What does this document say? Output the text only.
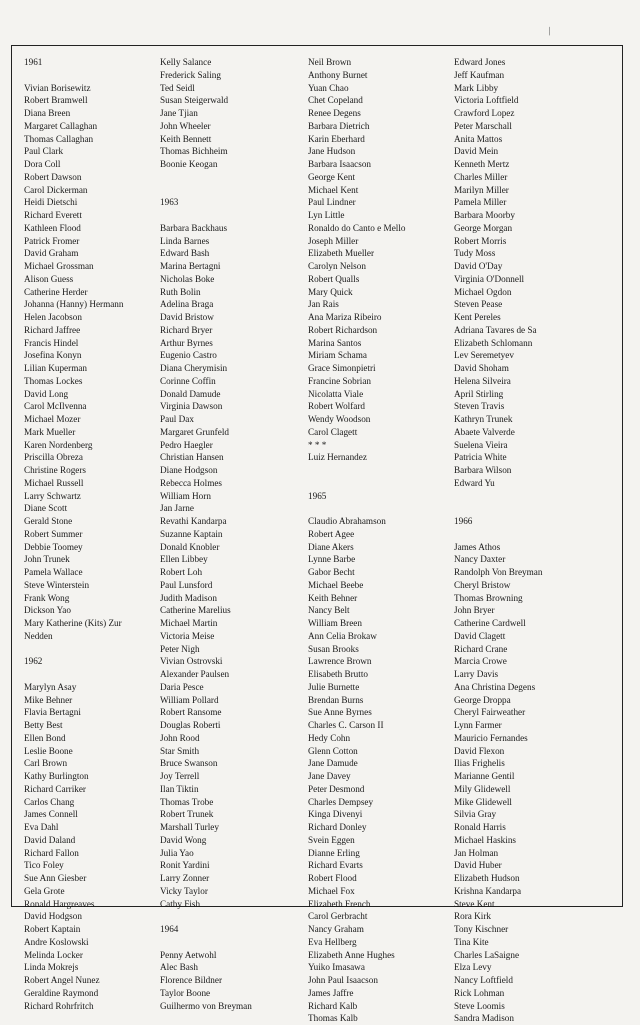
/
1961
Vivian Borisewitz
Robert Bramwell
Diana Breen
Margaret Callaghan
Thomas Callaghan
Paul Clark
Dora Coll
Robert Dawson
Carol Dickerman
Heidi Dietschi
Richard Everett
Kathleen Flood
Patrick Fromer
David Graham
Michael Grossman
Alison Guess
Catherine Herder
Johanna (Hanny) Hermann
Helen Jacobson
Richard Jaffree
Francis Hindel
Josefina Konyn
Lilian Kuperman
Thomas Lockes
David Long
Carol McIlvenna
Michael Mozer
Mark Mueller
Karen Nordenberg
Priscilla Obreza
Christine Rogers
Michael Russell
Larry Schwartz
Diane Scott
Gerald Stone
Robert Summer
Debbie Toomey
John Trunek
Pamela Wallace
Steve Winterstein
Frank Wong
Dickson Yao
Mary Katherine (Kits) Zur
Nedden
1962
Marylyn Asay
Mike Behner
Flavia Bertagni
Betty Best
Ellen Bond
Leslie Boone
Carl Brown
Kathy Burlington
Richard Carriker
Carlos Chang
James Connell
Eva Dahl
David Daland
Richard Fallon
Tico Foley
Sue Ann Giesber
Gela Grote
Ronald Hargreaves
David Hodgson
Robert Kaptain
Andre Koslowski
Melinda Locker
Linda Mokrejs
Robert Angel Nunez
Geraldine Raymond
Richard Rohrfritch
Kelly Salance
Frederick Saling
Ted Seidl
Susan Steigerwald
Jane Tjian
John Wheeler
Keith Bennett
Thomas Bichheim
Boonie Keogan
1963
Barbara Backhaus
Linda Barnes
Edward Bash
Marina Bertagni
Nicholas Boke
Ruth Bolin
Adelina Braga
David Bristow
Richard Bryer
Arthur Byrnes
Eugenio Castro
Diana Cherymisin
Corinne Coffin
Donald Damude
Virginia Dawson
Paul Dax
Margaret Grunfeld
Pedro Haegler
Christian Hansen
Diane Hodgson
Rebecca Holmes
William Horn
Jan Jarne
Revathi Kandarpa
Suzanne Kaptain
Donald Knobler
Ellen Libbey
Robert Loh
Paul Lunsford
Judith Madison
Catherine Marelius
Michael Martin
Victoria Meise
Peter Nigh
Vivian Ostrovski
Alexander Paulsen
Daria Pesce
William Pollard
Robert Ransome
Douglas Roberti
John Rood
Star Smith
Bruce Swanson
Joy Terrell
Ilan Tiktin
Thomas Trobe
Robert Trunek
Marshall Turley
David Wong
Julia Yao
Ronit Yardini
Larry Zonner
Vicky Taylor
Cathy Fish
1964
Penny Aetwohl
Alec Bash
Florence Bildner
Taylor Boone
Guilhermo von Breyman
Neil Brown
Anthony Burnet
Yuan Chao
Chet Copeland
Renee Degens
Barbara Dietrich
Karin Eberhard
Jane Hudson
Barbara Isaacson
George Kent
Michael Kent
Paul Lindner
Lyn Little
Ronaldo do Canto e Mello
Joseph Miller
Elizabeth Mueller
Carolyn Nelson
Robert Qualls
Mary Quick
Jan Rais
Ana Mariza Ribeiro
Robert Richardson
Marina Santos
Miriam Schama
Grace Simonpietri
Francine Sobrian
Nicolatta Viale
Robert Wolfard
Wendy Woodson
Carol Clagett
* * *
Luiz Hernandez
1965
Claudio Abrahamson
Robert Agee
Diane Akers
Lynne Barbe
Gabor Becht
Michael Beebe
Keith Behner
Nancy Belt
William Breen
Ann Celia Brokaw
Susan Brooks
Lawrence Brown
Elisabeth Brutto
Julie Burnette
Brendan Burns
Sue Anne Byrnes
Charles C. Carson II
Hedy Cohn
Glenn Cotton
Jane Damude
Jane Davey
Peter Desmond
Charles Dempsey
Kinga Divenyi
Richard Donley
Svein Eggen
Dianne Erling
Richard Evarts
Robert Flood
Michael Fox
Elizabeth French
Carol Gerbracht
Nancy Graham
Eva Hellberg
Elizabeth Anne Hughes
Yuiko Imasawa
John Paul Isaacson
James Jaffre
Richard Kalb
Thomas Kalb
Edward Jones
Jeff Kaufman
Mark Libby
Victoria Loftfield
Crawford Lopez
Peter Marschall
Anita Mattos
David Mein
Kenneth Mertz
Charles Miller
Marilyn Miller
Pamela Miller
Barbara Moorby
George Morgan
Robert Morris
Tudy Moss
David O'Day
Virginia O'Donnell
Michael Ogdon
Steven Pease
Kent Pereles
Adriana Tavares de Sa
Elizabeth Schlomann
Lev Seremetyev
David Shoham
Helena Silveira
April Stirling
Steven Travis
Kathryn Trunek
Abaete Valverde
Suelena Vieira
Patricia White
Barbara Wilson
Edward Yu
1966
James Athos
Nancy Daxter
Randolph Von Breyman
Cheryl Bristow
Thomas Browning
John Bryer
Catherine Cardwell
David Clagett
Richard Crane
Marcia Crowe
Larry Davis
Ana Christina Degens
George Droppa
Cheryl Fairweather
Lynn Farmer
Mauricio Fernandes
David Flexon
Ilias Frighelis
Marianne Gentil
Mily Glidewell
Mike Glidewell
Silvia Gray
Ronald Harris
Michael Haskins
Jan Holman
David Huber
Elizabeth Hudson
Krishna Kandarpa
Steve Kent
Rora Kirk
Tony Kischner
Tina Kite
Charles LaSaigne
Elza Levy
Nancy Loftfield
Rick Lohman
Steve Loomis
Sandra Madison
